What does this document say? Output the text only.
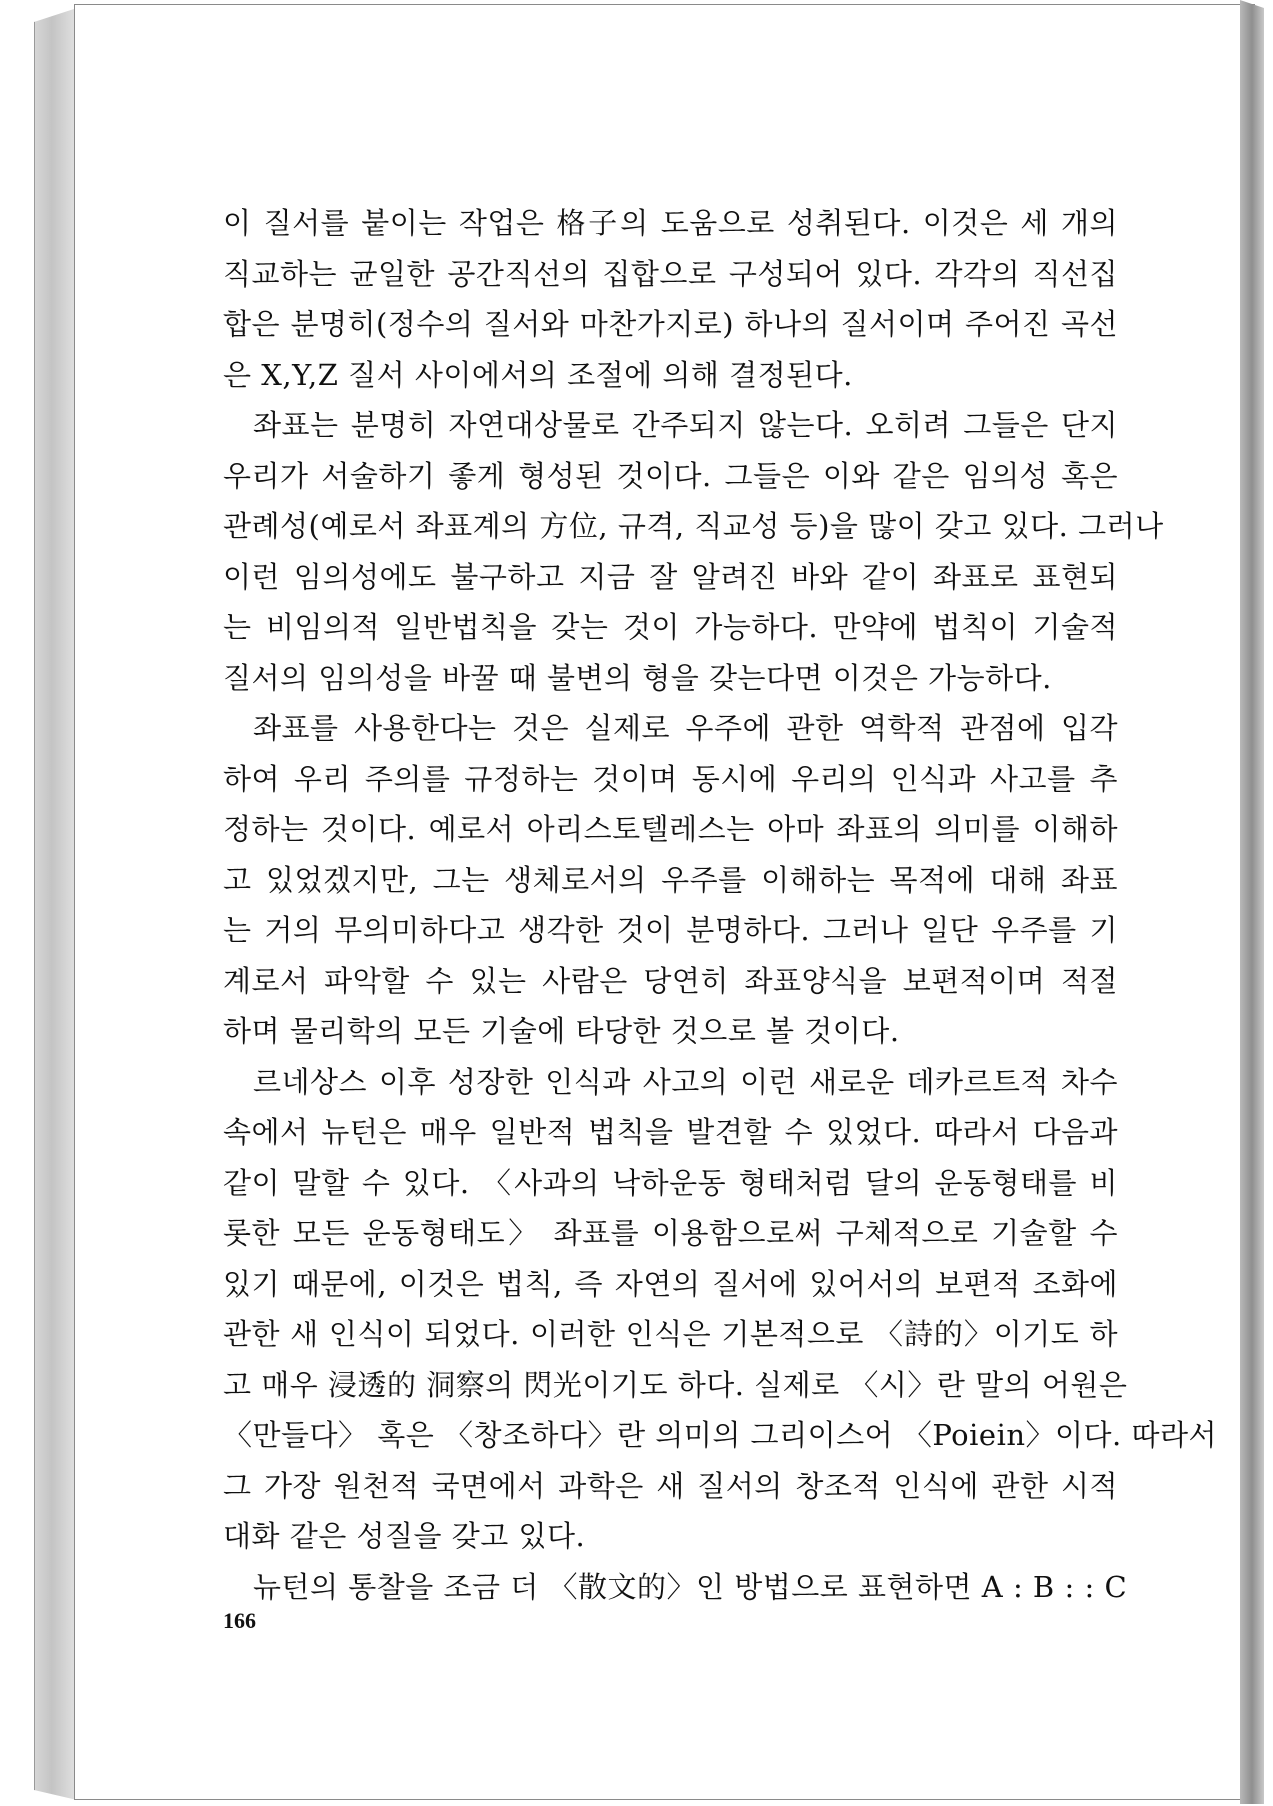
이 질서를 붙이는 작업은 格子의 도움으로 성취된다. 이것은 세 개의
직교하는 균일한 공간직선의 집합으로 구성되어 있다. 각각의 직선집
합은 분명히(정수의 질서와 마찬가지로) 하나의 질서이며 주어진 곡선
은 X,Y,Z 질서 사이에서의 조절에 의해 결정된다.
좌표는 분명히 자연대상물로 간주되지 않는다. 오히려 그들은 단지
우리가 서술하기 좋게 형성된 것이다. 그들은 이와 같은 임의성 혹은
관례성(예로서 좌표계의 方位, 규격, 직교성 등)을 많이 갖고 있다. 그러나
이런 임의성에도 불구하고 지금 잘 알려진 바와 같이 좌표로 표현되
는 비임의적 일반법칙을 갖는 것이 가능하다. 만약에 법칙이 기술적
질서의 임의성을 바꿀 때 불변의 형을 갖는다면 이것은 가능하다.
좌표를 사용한다는 것은 실제로 우주에 관한 역학적 관점에 입각
하여 우리 주의를 규정하는 것이며 동시에 우리의 인식과 사고를 추
정하는 것이다. 예로서 아리스토텔레스는 아마 좌표의 의미를 이해하
고 있었겠지만, 그는 생체로서의 우주를 이해하는 목적에 대해 좌표
는 거의 무의미하다고 생각한 것이 분명하다. 그러나 일단 우주를 기
계로서 파악할 수 있는 사람은 당연히 좌표양식을 보편적이며 적절
하며 물리학의 모든 기술에 타당한 것으로 볼 것이다.
르네상스 이후 성장한 인식과 사고의 이런 새로운 데카르트적 차수
속에서 뉴턴은 매우 일반적 법칙을 발견할 수 있었다. 따라서 다음과
같이 말할 수 있다. 〈사과의 낙하운동 형태처럼 달의 운동형태를 비
롯한 모든 운동형태도〉 좌표를 이용함으로써 구체적으로 기술할 수
있기 때문에, 이것은 법칙, 즉 자연의 질서에 있어서의 보편적 조화에
관한 새 인식이 되었다. 이러한 인식은 기본적으로 〈詩的〉이기도 하
고 매우 浸透的 洞察의 閃光이기도 하다. 실제로 〈시〉란 말의 어원은
〈만들다〉 혹은 〈창조하다〉란 의미의 그리이스어 〈Poiein〉이다. 따라서
그 가장 원천적 국면에서 과학은 새 질서의 창조적 인식에 관한 시적
대화 같은 성질을 갖고 있다.
뉴턴의 통찰을 조금 더 〈散文的〉인 방법으로 표현하면 A : B : : C
166
